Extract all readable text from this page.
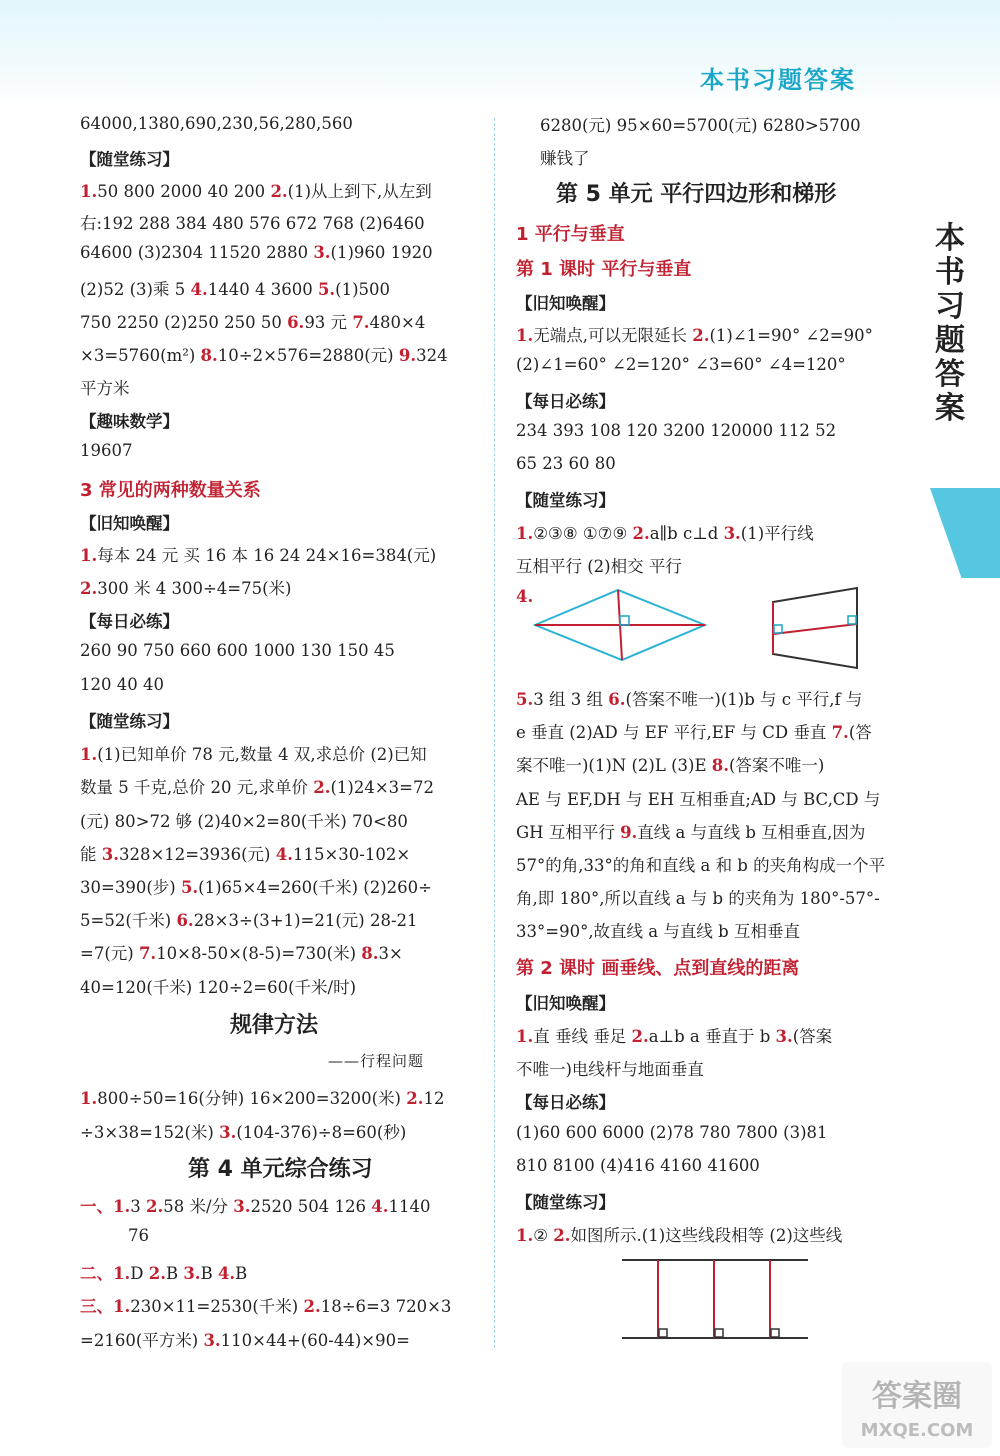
本书习题答案
本书习题答案
64000,1380,690,230,56,280,560
【随堂练习】
1.50 800 2000 40 200 2.(1)从上到下,从左到
右:192 288 384 480 576 672 768 (2)6460
64600 (3)2304 11520 2880 3.(1)960 1920
(2)52 (3)乘 5 4.1440 4 3600 5.(1)500
750 2250 (2)250 250 50 6.93 元 7.480×4
×3=5760(m²) 8.10÷2×576=2880(元) 9.324
平方米
【趣味数学】
19607
3 常见的两种数量关系
【旧知唤醒】
1.每本 24 元 买 16 本 16 24 24×16=384(元)
2.300 米 4 300÷4=75(米)
【每日必练】
260 90 750 660 600 1000 130 150 45
120 40 40
【随堂练习】
1.(1)已知单价 78 元,数量 4 双,求总价 (2)已知
数量 5 千克,总价 20 元,求单价 2.(1)24×3=72
(元) 80>72 够 (2)40×2=80(千米) 70<80
能 3.328×12=3936(元) 4.115×30-102×
30=390(步) 5.(1)65×4=260(千米) (2)260÷
5=52(千米) 6.28×3÷(3+1)=21(元) 28-21
=7(元) 7.10×8-50×(8-5)=730(米) 8.3×
40=120(千米) 120÷2=60(千米/时)
规律方法
——行程问题
1.800÷50=16(分钟) 16×200=3200(米) 2.12
÷3×38=152(米) 3.(104-376)÷8=60(秒)
第 4 单元综合练习
一、1.3 2.58 米/分 3.2520 504 126 4.1140
76
二、1.D 2.B 3.B 4.B
三、1.230×11=2530(千米) 2.18÷6=3 720×3
=2160(平方米) 3.110×44+(60-44)×90=
6280(元) 95×60=5700(元) 6280>5700
赚钱了
第 5 单元 平行四边形和梯形
1 平行与垂直
第 1 课时 平行与垂直
【旧知唤醒】
1.无端点,可以无限延长 2.(1)∠1=90° ∠2=90°
(2)∠1=60° ∠2=120° ∠3=60° ∠4=120°
【每日必练】
234 393 108 120 3200 120000 112 52
65 23 60 80
【随堂练习】
1.②③⑧ ①⑦⑨ 2.a∥b c⊥d 3.(1)平行线
互相平行 (2)相交 平行
4.
5.3 组 3 组 6.(答案不唯一)(1)b 与 c 平行,f 与
e 垂直 (2)AD 与 EF 平行,EF 与 CD 垂直 7.(答
案不唯一)(1)N (2)L (3)E 8.(答案不唯一)
AE 与 EF,DH 与 EH 互相垂直;AD 与 BC,CD 与
GH 互相平行 9.直线 a 与直线 b 互相垂直,因为
57°的角,33°的角和直线 a 和 b 的夹角构成一个平
角,即 180°,所以直线 a 与 b 的夹角为 180°-57°-
33°=90°,故直线 a 与直线 b 互相垂直
第 2 课时 画垂线、点到直线的距离
【旧知唤醒】
1.直 垂线 垂足 2.a⊥b a 垂直于 b 3.(答案
不唯一)电线杆与地面垂直
【每日必练】
(1)60 600 6000 (2)78 780 7800 (3)81
810 8100 (4)416 4160 41600
【随堂练习】
1.② 2.如图所示.(1)这些线段相等 (2)这些线
答案圈
MXQE.COM
